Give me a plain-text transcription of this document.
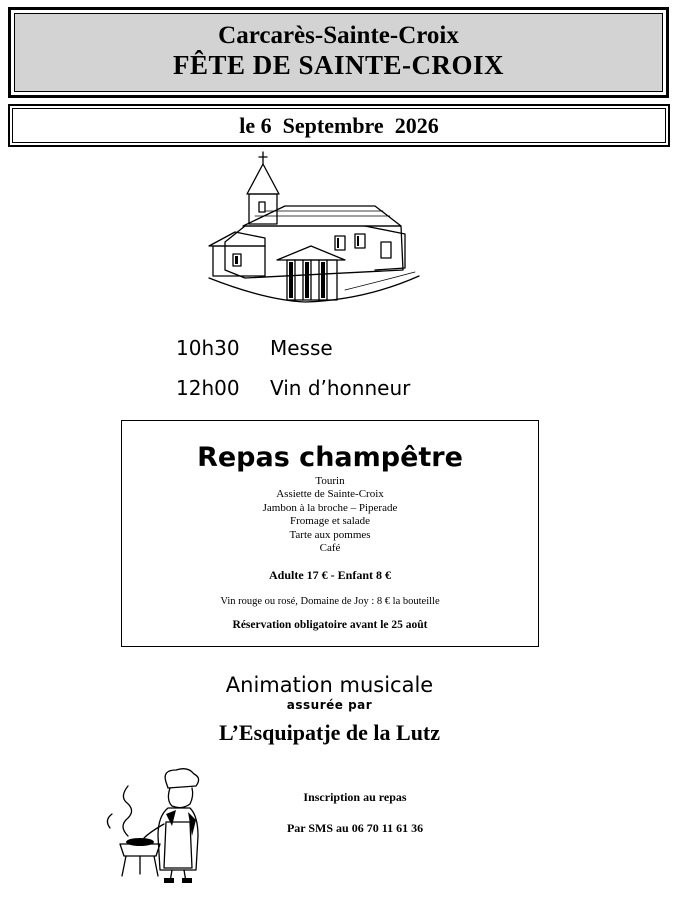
Carcarès-Sainte-Croix
FÊTE DE SAINTE-CROIX
le 6  Septembre  2026
10h30	Messe
12h00	Vin d’honneur
Repas champêtre
Tourin
Assiette de Sainte-Croix
Jambon à la broche – Piperade
Fromage et salade
Tarte aux pommes
Café
Adulte 17 € - Enfant 8 €
Vin rouge ou rosé, Domaine de Joy : 8 € la bouteille
Réservation obligatoire avant le 25 août
Animation musicale
assurée par
L’Esquipatje de la Lutz
Inscription au repas
Par SMS au 06 70 11 61 36
